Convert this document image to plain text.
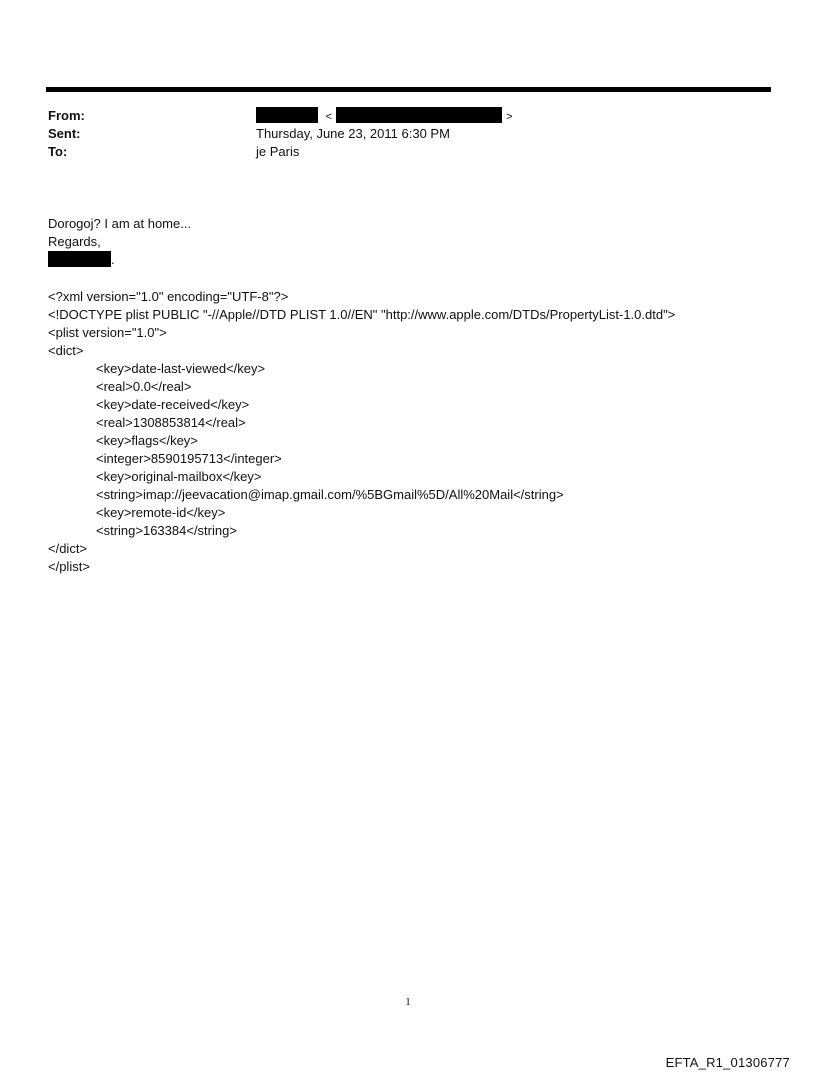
From:	<	>
Sent:	Thursday, June 23, 2011 6:30 PM
To:	je Paris
Dorogoj? I am at home...
Regards,
.
<?xml version="1.0" encoding="UTF-8"?>
<!DOCTYPE plist PUBLIC "-//Apple//DTD PLIST 1.0//EN" "http://www.apple.com/DTDs/PropertyList-1.0.dtd">
<plist version="1.0">
<dict>
<key>date-last-viewed</key>
<real>0.0</real>
<key>date-received</key>
<real>1308853814</real>
<key>flags</key>
<integer>8590195713</integer>
<key>original-mailbox</key>
<string>imap://jeevacation@imap.gmail.com/%5BGmail%5D/All%20Mail</string>
<key>remote-id</key>
<string>163384</string>
</dict>
</plist>
1
EFTA_R1_01306777
